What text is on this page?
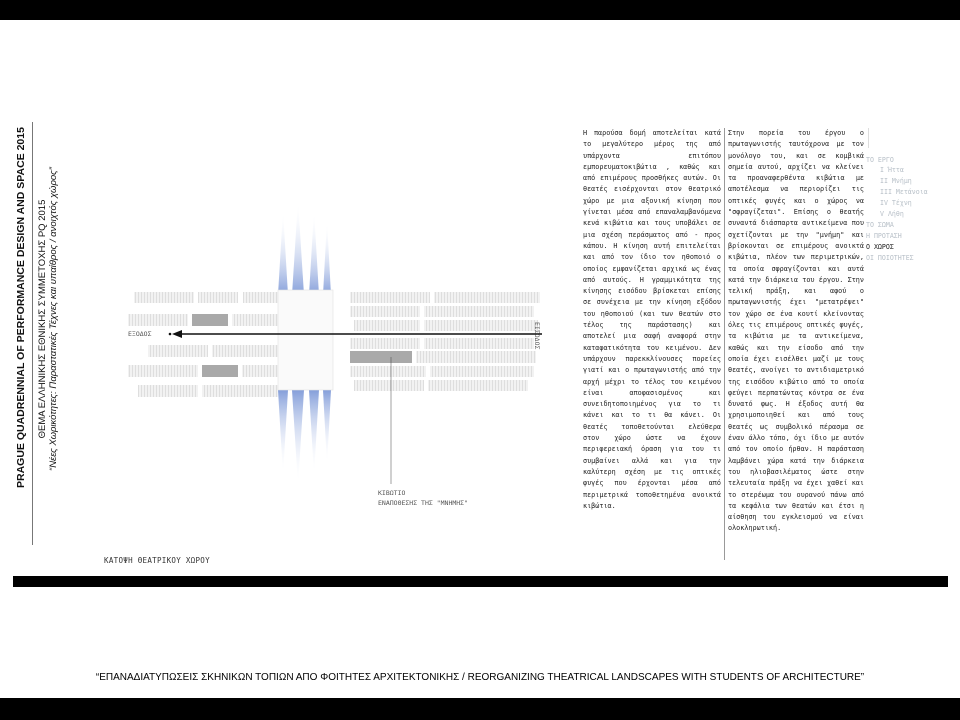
PRAGUE QUADRENNIAL OF PERFORMANCE DESIGN AND SPACE 2015	ΘΕΜΑ ΕΛΛΗΝΙΚΗΣ ΕΘΝΙΚΗΣ ΣΥΜΜΕΤΟΧΗΣ PQ 2015 “Νέες Χωρικότητες: Παραστατικές Τέχνες και υπαίθρος / ανοιχτός χώρος”	ΕΞΟΔΟΣ	ΕΙΣΟΔΟΣ
ΚΙΒΩΤΙΟ
ΕΝΑΠΟΘΕΣΗΣ ΤΗΣ "ΜΝΗΜΗΣ"
ΚΑΤΟΨΗ ΘΕΑΤΡΙΚΟΥ ΧΩΡΟΥ
Η παρούσα δομή αποτελείται κατά το μεγαλύτερο μέρος της από υπάρχοντα επιτόπου εμπορευματοκιβώτια , καθώς και από επιμέρους προσθήκες αυτών. Οι θεατές εισέρχονται στον θεατρικό χώρο με μια αξονική κίνηση που γίνεται μέσα από επαναλαμβανόμενα κενά κιβώτια και τους υποβάλει σε μια σχέση περάσματος από - προς κάπου. Η κίνηση αυτή επιτελείται και από τον ίδιο τον ηθοποιό ο οποίος εμφανίζεται αρχικά ως ένας από αυτούς. Η γραμμικότητα της κίνησης εισόδου βρίσκεται επίσης σε συνέχεια με την κίνηση εξόδου του ηθοποιού (και των θεατών στο τέλος της παράστασης) και αποτελεί μια σαφή αναφορά στην καταφατικότητα του κειμένου. Δεν υπάρχουν παρεκκλίνουσες πορείες γιατί και ο πρωταγωνιστής από την αρχή μέχρι το τέλος του κειμένου είναι αποφασισμένος και συνειδητοποιημένος για το τι κάνει και το τι θα κάνει. Οι θεατές τοποθετούνται ελεύθερα στον χώρο ώστε να έχουν περιφερειακή όραση για του τι συμβαίνει αλλά και για την καλύτερη σχέση με τις οπτικές φυγές που έρχονται μέσα από περιμετρικά τοποθετημένα ανοικτά κιβώτια.
Στην πορεία του έργου ο πρωταγωνιστής ταυτόχρονα με τον μονόλογο του, και σε κομβικά σημεία αυτού, αρχίζει να κλείνει τα προαναφερθέντα κιβώτια με αποτέλεσμα να περιορίζει τις οπτικές φυγές και ο χώρος να "σφραγίζεται". Επίσης ο θεατής συναντά διάσπαρτα αντικείμενα που σχετίζονται με την "μνήμη" και βρίσκονται σε επιμέρους ανοικτά κιβώτια, πλέον των περιμετρικών, τα οποία σφραγίζονται και αυτά κατά την διάρκεια του έργου. Στην τελική πράξη, και αφού ο πρωταγωνιστής έχει "μετατρέψει" τον χώρο σε ένα κουτί κλείνοντας όλες τις επιμέρους οπτικές φυγές, τα κιβώτια με τα αντικείμενα, καθώς και την είσοδο από την οποία έχει εισέλθει μαζί με τους θεατές, ανοίγει το αντιδιαμετρικό της εισόδου κιβώτιο από το οποία φεύγει περπατώντας κόντρα σε ένα δυνατό φως. Η έξοδος αυτή θα χρησιμοποιηθεί και από τους θεατές ως συμβολικό πέρασμα σε έναν άλλο τόπο, όχι ίδιο με αυτόν από τον οποίο ήρθαν. Η παράσταση λαμβάνει χώρα κατά την διάρκεια του ηλιοβασιλέματος ώστε στην τελευταία πράξη να έχει χαθεί και το στερέωμα του ουρανού πάνω από τα κεφάλια των θεατών και έτσι η αίσθηση του εγκλεισμού να είναι ολοκληρωτική.
ΤΟ ΕΡΓΟ
I Ήττα
II Μνήμη
III Μετάνοια
IV Τέχνη
V Λήθη
ΤΟ ΣΩΜΑ
Η ΠΡΟΤΑΣΗ
Ο ΧΩΡΟΣ
ΟΙ ΠΟΙΟΤΗΤΕΣ
“ΕΠΑΝΑΔΙΑΤΥΠΩΣΕΙΣ ΣΚΗΝΙΚΩΝ ΤΟΠΙΩΝ ΑΠΟ ΦΟΙΤΗΤΕΣ ΑΡΧΙΤΕΚΤΟΝΙΚΗΣ / REORGANIZING THEATRICAL LANDSCAPES WITH STUDENTS OF ARCHITECTURE”
